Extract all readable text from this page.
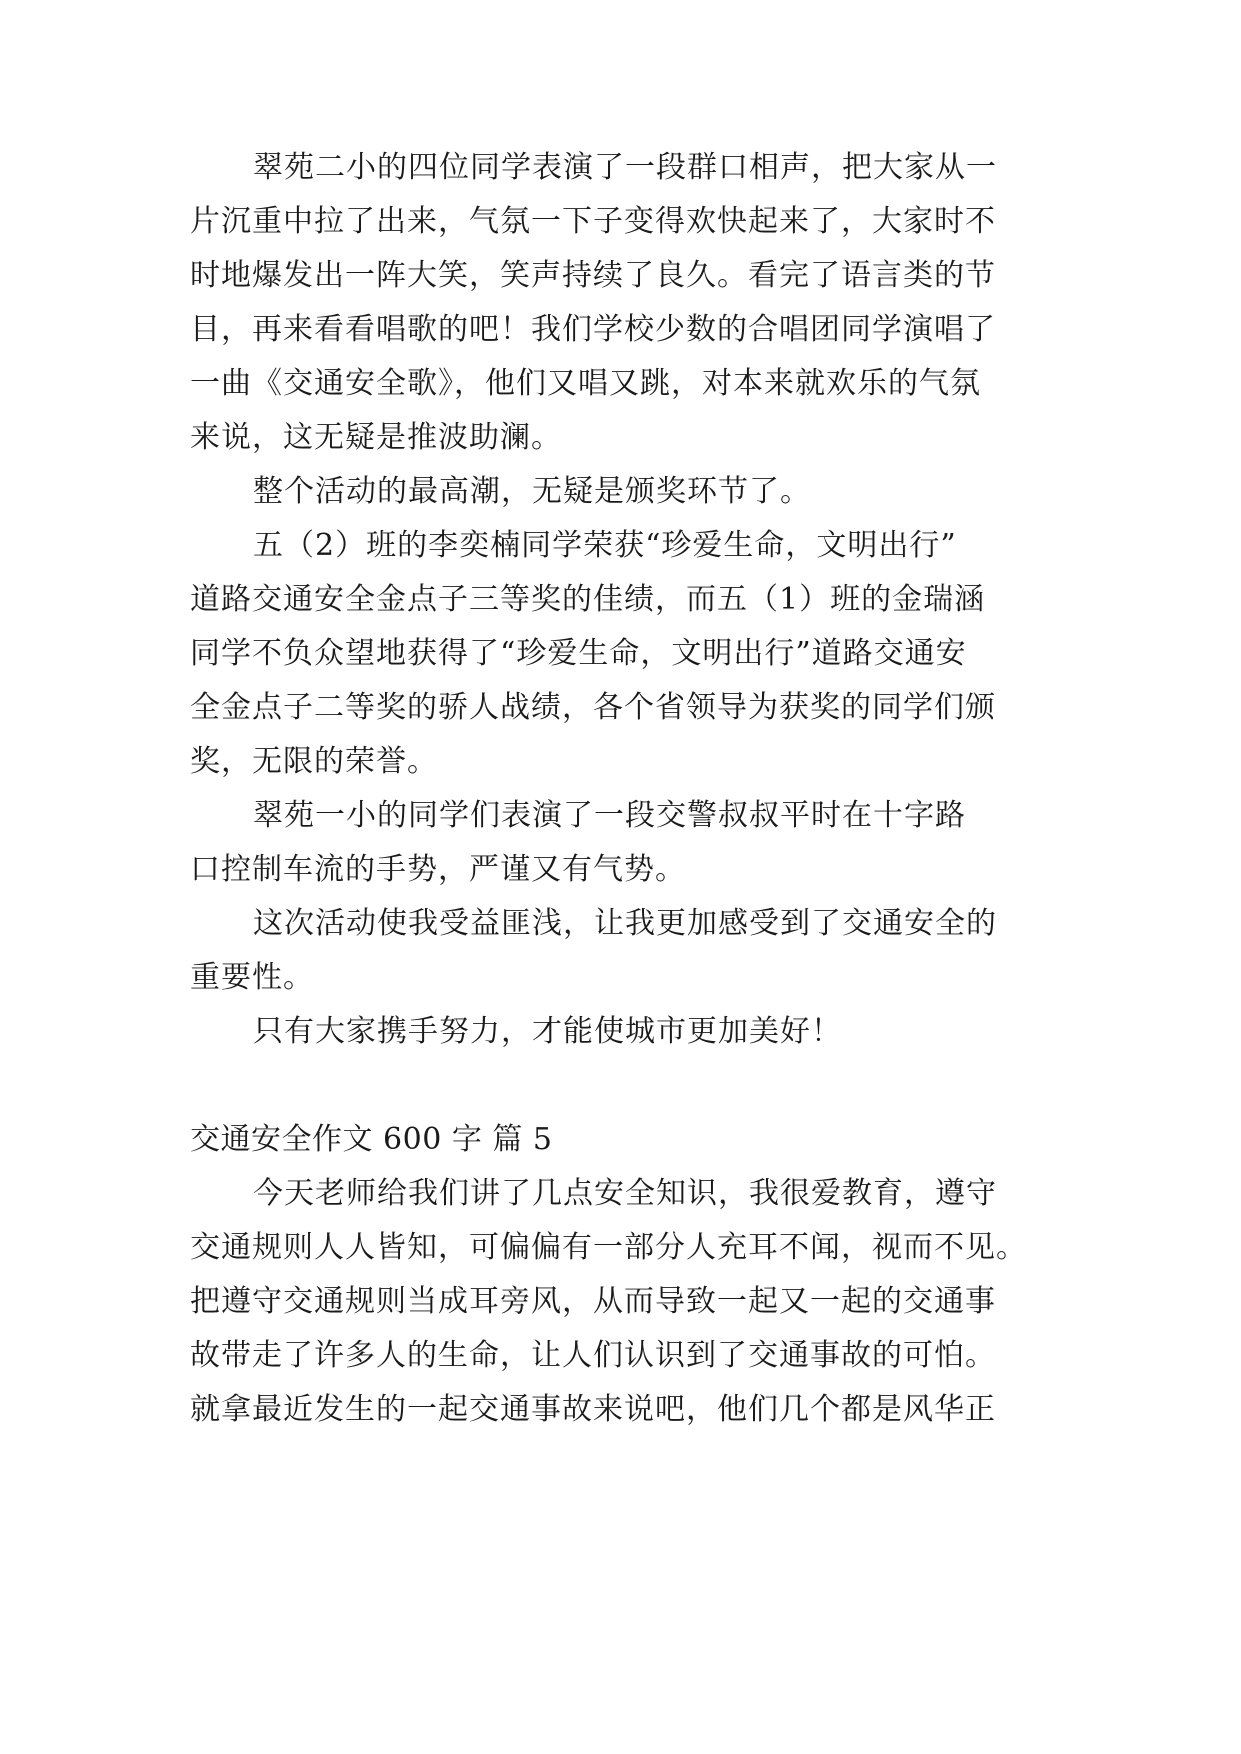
翠苑二小的四位同学表演了一段群口相声，把大家从一
片沉重中拉了出来，气氛一下子变得欢快起来了，大家时不
时地爆发出一阵大笑，笑声持续了良久。看完了语言类的节
目，再来看看唱歌的吧！我们学校少数的合唱团同学演唱了
一曲《交通安全歌》，他们又唱又跳，对本来就欢乐的气氛
来说，这无疑是推波助澜。
整个活动的最高潮，无疑是颁奖环节了。
五（2）班的李奕楠同学荣获“珍爱生命，文明出行”
道路交通安全金点子三等奖的佳绩，而五（1）班的金瑞涵
同学不负众望地获得了“珍爱生命，文明出行”道路交通安
全金点子二等奖的骄人战绩，各个省领导为获奖的同学们颁
奖，无限的荣誉。
翠苑一小的同学们表演了一段交警叔叔平时在十字路
口控制车流的手势，严谨又有气势。
这次活动使我受益匪浅，让我更加感受到了交通安全的
重要性。
只有大家携手努力，才能使城市更加美好！
交通安全作文 600 字 篇 5
今天老师给我们讲了几点安全知识，我很爱教育，遵守
交通规则人人皆知，可偏偏有一部分人充耳不闻，视而不见。
把遵守交通规则当成耳旁风，从而导致一起又一起的交通事
故带走了许多人的生命，让人们认识到了交通事故的可怕。
就拿最近发生的一起交通事故来说吧，他们几个都是风华正
